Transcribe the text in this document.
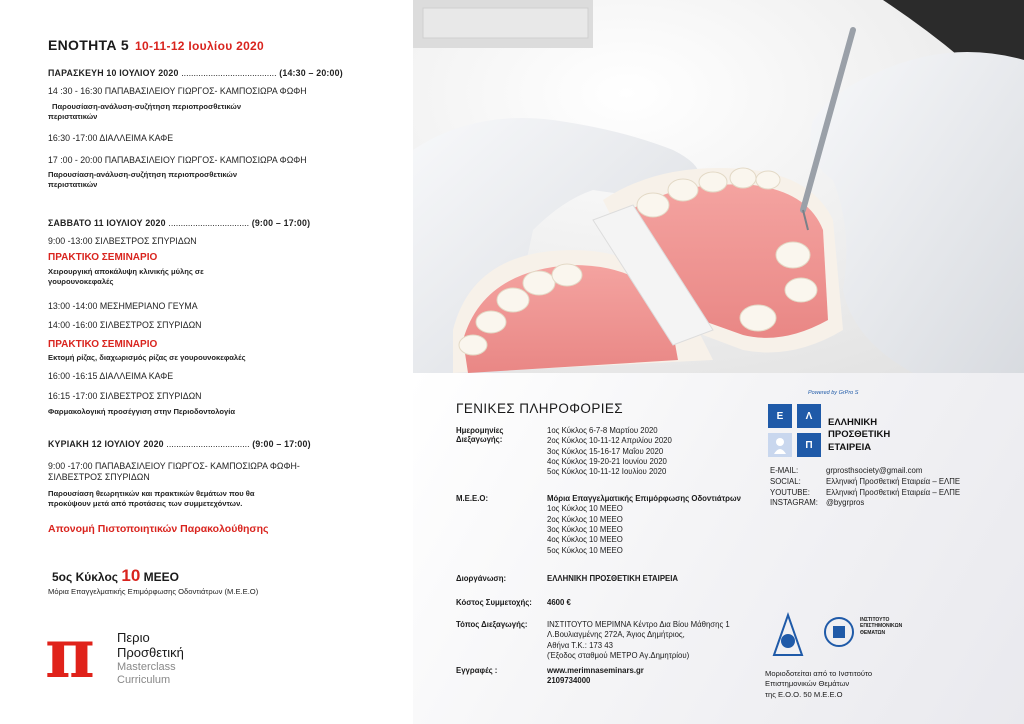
ΕΝΟΤΗΤΑ 5 10-11-12 Ιουλίου 2020
ΠΑΡΑΣΚΕΥΗ 10 ΙΟΥΛΙΟΥ 2020 ....................................... (14:30 – 20:00)
14 :30 - 16:30 ΠΑΠΑΒΑΣΙΛΕΙΟΥ ΓΙΩΡΓΟΣ- ΚΑΜΠΟΣΙΩΡΑ ΦΩΦΗ
Παρουσίαση-ανάλυση-συζήτηση περιοπροσθετικών
περιστατικών
16:30 -17:00 ΔΙΑΛΛΕΙΜΑ ΚΑΦΕ
17 :00 - 20:00 ΠΑΠΑΒΑΣΙΛΕΙΟΥ ΓΙΩΡΓΟΣ- ΚΑΜΠΟΣΙΩΡΑ ΦΩΦΗ
Παρουσίαση-ανάλυση-συζήτηση περιοπροσθετικών
περιστατικών
ΣΑΒΒΑΤΟ 11 ΙΟΥΛΙΟΥ 2020 ................................. (9:00 – 17:00)
9:00 -13:00 ΣΙΛΒΕΣΤΡΟΣ ΣΠΥΡΙΔΩΝ
ΠΡΑΚΤΙΚΟ ΣΕΜΙΝΑΡΙΟ
Χειρουργική αποκάλυψη κλινικής μύλης σε
γουρουνοκεφαλές
13:00 -14:00 ΜΕΣΗΜΕΡΙΑΝΟ ΓΕΥΜΑ
14:00 -16:00 ΣΙΛΒΕΣΤΡΟΣ ΣΠΥΡΙΔΩΝ
ΠΡΑΚΤΙΚΟ ΣΕΜΙΝΑΡΙΟ
Εκτομή ρίζας, διαχωρισμός ρίζας σε γουρουνοκεφαλές
16:00 -16:15 ΔΙΑΛΛΕΙΜΑ ΚΑΦΕ
16:15 -17:00 ΣΙΛΒΕΣΤΡΟΣ ΣΠΥΡΙΔΩΝ
Φαρμακολογική προσέγγιση στην Περιοδοντολογία
ΚΥΡΙΑΚΗ 12 ΙΟΥΛΙΟΥ 2020 .................................. (9:00 – 17:00)
9:00 -17:00 ΠΑΠΑΒΑΣΙΛΕΙΟΥ ΓΙΩΡΓΟΣ- ΚΑΜΠΟΣΙΩΡΑ ΦΩΦΗ-
ΣΙΛΒΕΣΤΡΟΣ ΣΠΥΡΙΔΩΝ
Παρουσίαση θεωρητικών και πρακτικών θεμάτων που θα
προκύψουν μετά από προτάσεις των συμμετεχόντων.
Απονομή Πιστοποιητικών Παρακολούθησης
5ος Κύκλος 10 ΜΕΕΟ
Μόρια Επαγγελματικής Επιμόρφωσης Οδοντιάτρων (Μ.Ε.Ε.Ο)
π Περιο
Προσθετική
Masterclass
Curriculum
ΓΕΝΙΚΕΣ ΠΛΗΡΟΦΟΡΙΕΣ
Ημερομηνίες
Διεξαγωγής:
1ος Κύκλος 6-7-8 Μαρτίου 2020
2ος Κύκλος 10-11-12 Απριλίου 2020
3ος Κύκλος 15-16-17 Μαΐου 2020
4ος Κύκλος 19-20-21 Ιουνίου 2020
5ος Κύκλος 10-11-12 Ιουλίου 2020
Μ.Ε.Ε.Ο:	Μόρια Επαγγελματικής Επιμόρφωσης Οδοντιάτρων
1ος Κύκλος 10 ΜΕΕΟ
2ος Κύκλος 10 ΜΕΕΟ
3ος Κύκλος 10 ΜΕΕΟ
4ος Κύκλος 10 ΜΕΕΟ
5ος Κύκλος 10 ΜΕΕΟ
Διοργάνωση:	ΕΛΛΗΝΙΚΗ ΠΡΟΣΘΕΤΙΚΗ ΕΤΑΙΡΕΙΑ
Κόστος Συμμετοχής: 4600 €
Τόπος Διεξαγωγής:	ΙΝΣΤΙΤΟΥΤΟ ΜΕΡΙΜΝΑ Κέντρο Δια Βίου Μάθησης 1
Λ.Βουλιαγμένης 272Α, Άγιος Δημήτριος,
Αθήνα Τ.Κ.: 173 43
(Έξοδος σταθμού ΜΕΤΡΟ Αγ.Δημητρίου)
Εγγραφές :	www.merimnaseminars.gr
2109734000
Powered by GrPro S
Ε	Λ
Π
ΕΛΛΗΝΙΚΗ
ΠΡΟΣΘΕΤΙΚΗ
ΕΤΑΙΡΕΙΑ
E-MAIL:	grprosthsociety@gmail.com
SOCIAL:	Ελληνική Προσθετική Εταιρεία – ΕΛΠΕ
YOUTUBE: Ελληνική Προσθετική Εταιρεία – ΕΛΠΕ
INSTAGRAM: @bygrpros
ΙΝΣΤΙΤΟΥΤΟ
ΕΠΙΣΤΗΜΟΝΙΚΩΝ
ΘΕΜΑΤΩΝ
Μοριοδοτείται από το Ινστιτούτο
Επιστημονικών Θεμάτων
της Ε.Ο.Ο. 50 Μ.Ε.Ε.Ο
